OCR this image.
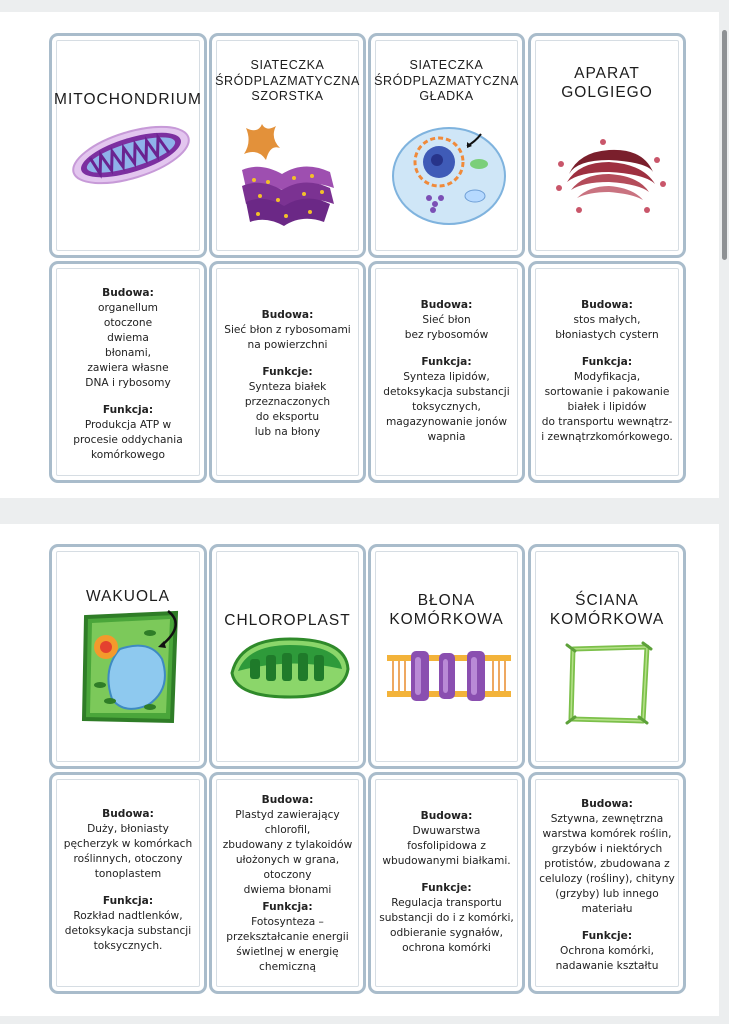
MITOCHONDRIUM
SIATECZKA
ŚRÓDPLAZMATYCZNA
SZORSTKA
SIATECZKA
ŚRÓDPLAZMATYCZNA
GŁADKA
APARAT
GOLGIEGO
Budowa:
organellum
otoczone
dwiema
błonami,
zawiera własne
DNA i rybosomy
Funkcja:
Produkcja ATP w
procesie oddychania
komórkowego
Budowa:
Sieć błon z rybosomami
na powierzchni
Funkcje:
Synteza białek
przeznaczonych
do eksportu
lub na błony
Budowa:
Sieć błon
bez rybosomów
Funkcja:
Synteza lipidów,
detoksykacja substancji
toksycznych,
magazynowanie jonów
wapnia
Budowa:
stos małych,
błoniastych cystern
Funkcja:
Modyfikacja,
sortowanie i pakowanie
białek i lipidów
do transportu wewnątrz-
i zewnątrzkomórkowego.
WAKUOLA
CHLOROPLAST
BŁONA
KOMÓRKOWA
ŚCIANA
KOMÓRKOWA
Budowa:
Duży, błoniasty
pęcherzyk w komórkach
roślinnych, otoczony
tonoplastem
Funkcja:
Rozkład nadtlenków,
detoksykacja substancji
toksycznych.
Budowa:
Plastyd zawierający
chlorofil,
zbudowany z tylakoidów
ułożonych w grana,
otoczony
dwiema błonami
Funkcja:
Fotosynteza –
przekształcanie energii
świetlnej w energię
chemiczną
Budowa:
Dwuwarstwa
fosfolipidowa z
wbudowanymi białkami.
Funkcje:
Regulacja transportu
substancji do i z komórki,
odbieranie sygnałów,
ochrona komórki
Budowa:
Sztywna, zewnętrzna
warstwa komórek roślin,
grzybów i niektórych
protistów, zbudowana z
celulozy (rośliny), chityny
(grzyby) lub innego
materiału
Funkcje:
Ochrona komórki,
nadawanie kształtu
